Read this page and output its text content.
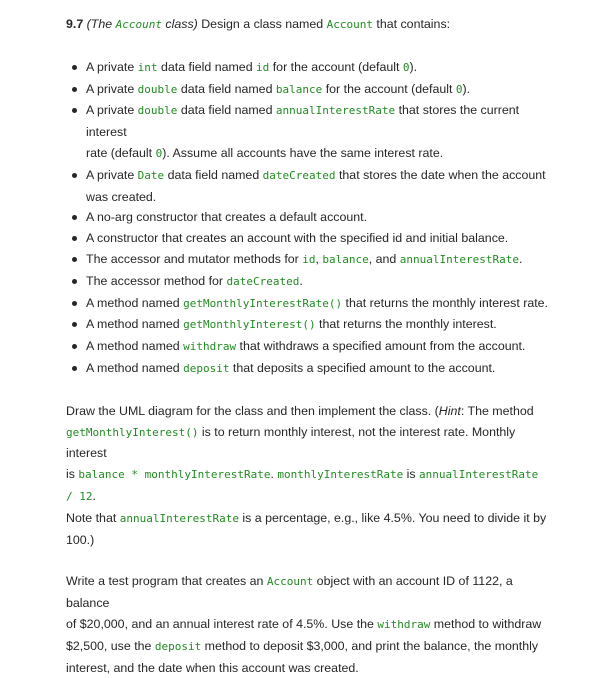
9.7 (The Account class) Design a class named Account that contains:
A private int data field named id for the account (default 0).
A private double data field named balance for the account (default 0).
A private double data field named annualInterestRate that stores the current interest
rate (default 0). Assume all accounts have the same interest rate.
A private Date data field named dateCreated that stores the date when the account
was created.
A no-arg constructor that creates a default account.
A constructor that creates an account with the specified id and initial balance.
The accessor and mutator methods for id, balance, and annualInterestRate.
The accessor method for dateCreated.
A method named getMonthlyInterestRate() that returns the monthly interest rate.
A method named getMonthlyInterest() that returns the monthly interest.
A method named withdraw that withdraws a specified amount from the account.
A method named deposit that deposits a specified amount to the account.
Draw the UML diagram for the class and then implement the class. (Hint: The method
getMonthlyInterest() is to return monthly interest, not the interest rate. Monthly interest
is balance * monthlyInterestRate. monthlyInterestRate is annualInterestRate / 12.
Note that annualInterestRate is a percentage, e.g., like 4.5%. You need to divide it by
100.)
Write a test program that creates an Account object with an account ID of 1122, a balance
of $20,000, and an annual interest rate of 4.5%. Use the withdraw method to withdraw
$2,500, use the deposit method to deposit $3,000, and print the balance, the monthly
interest, and the date when this account was created.
